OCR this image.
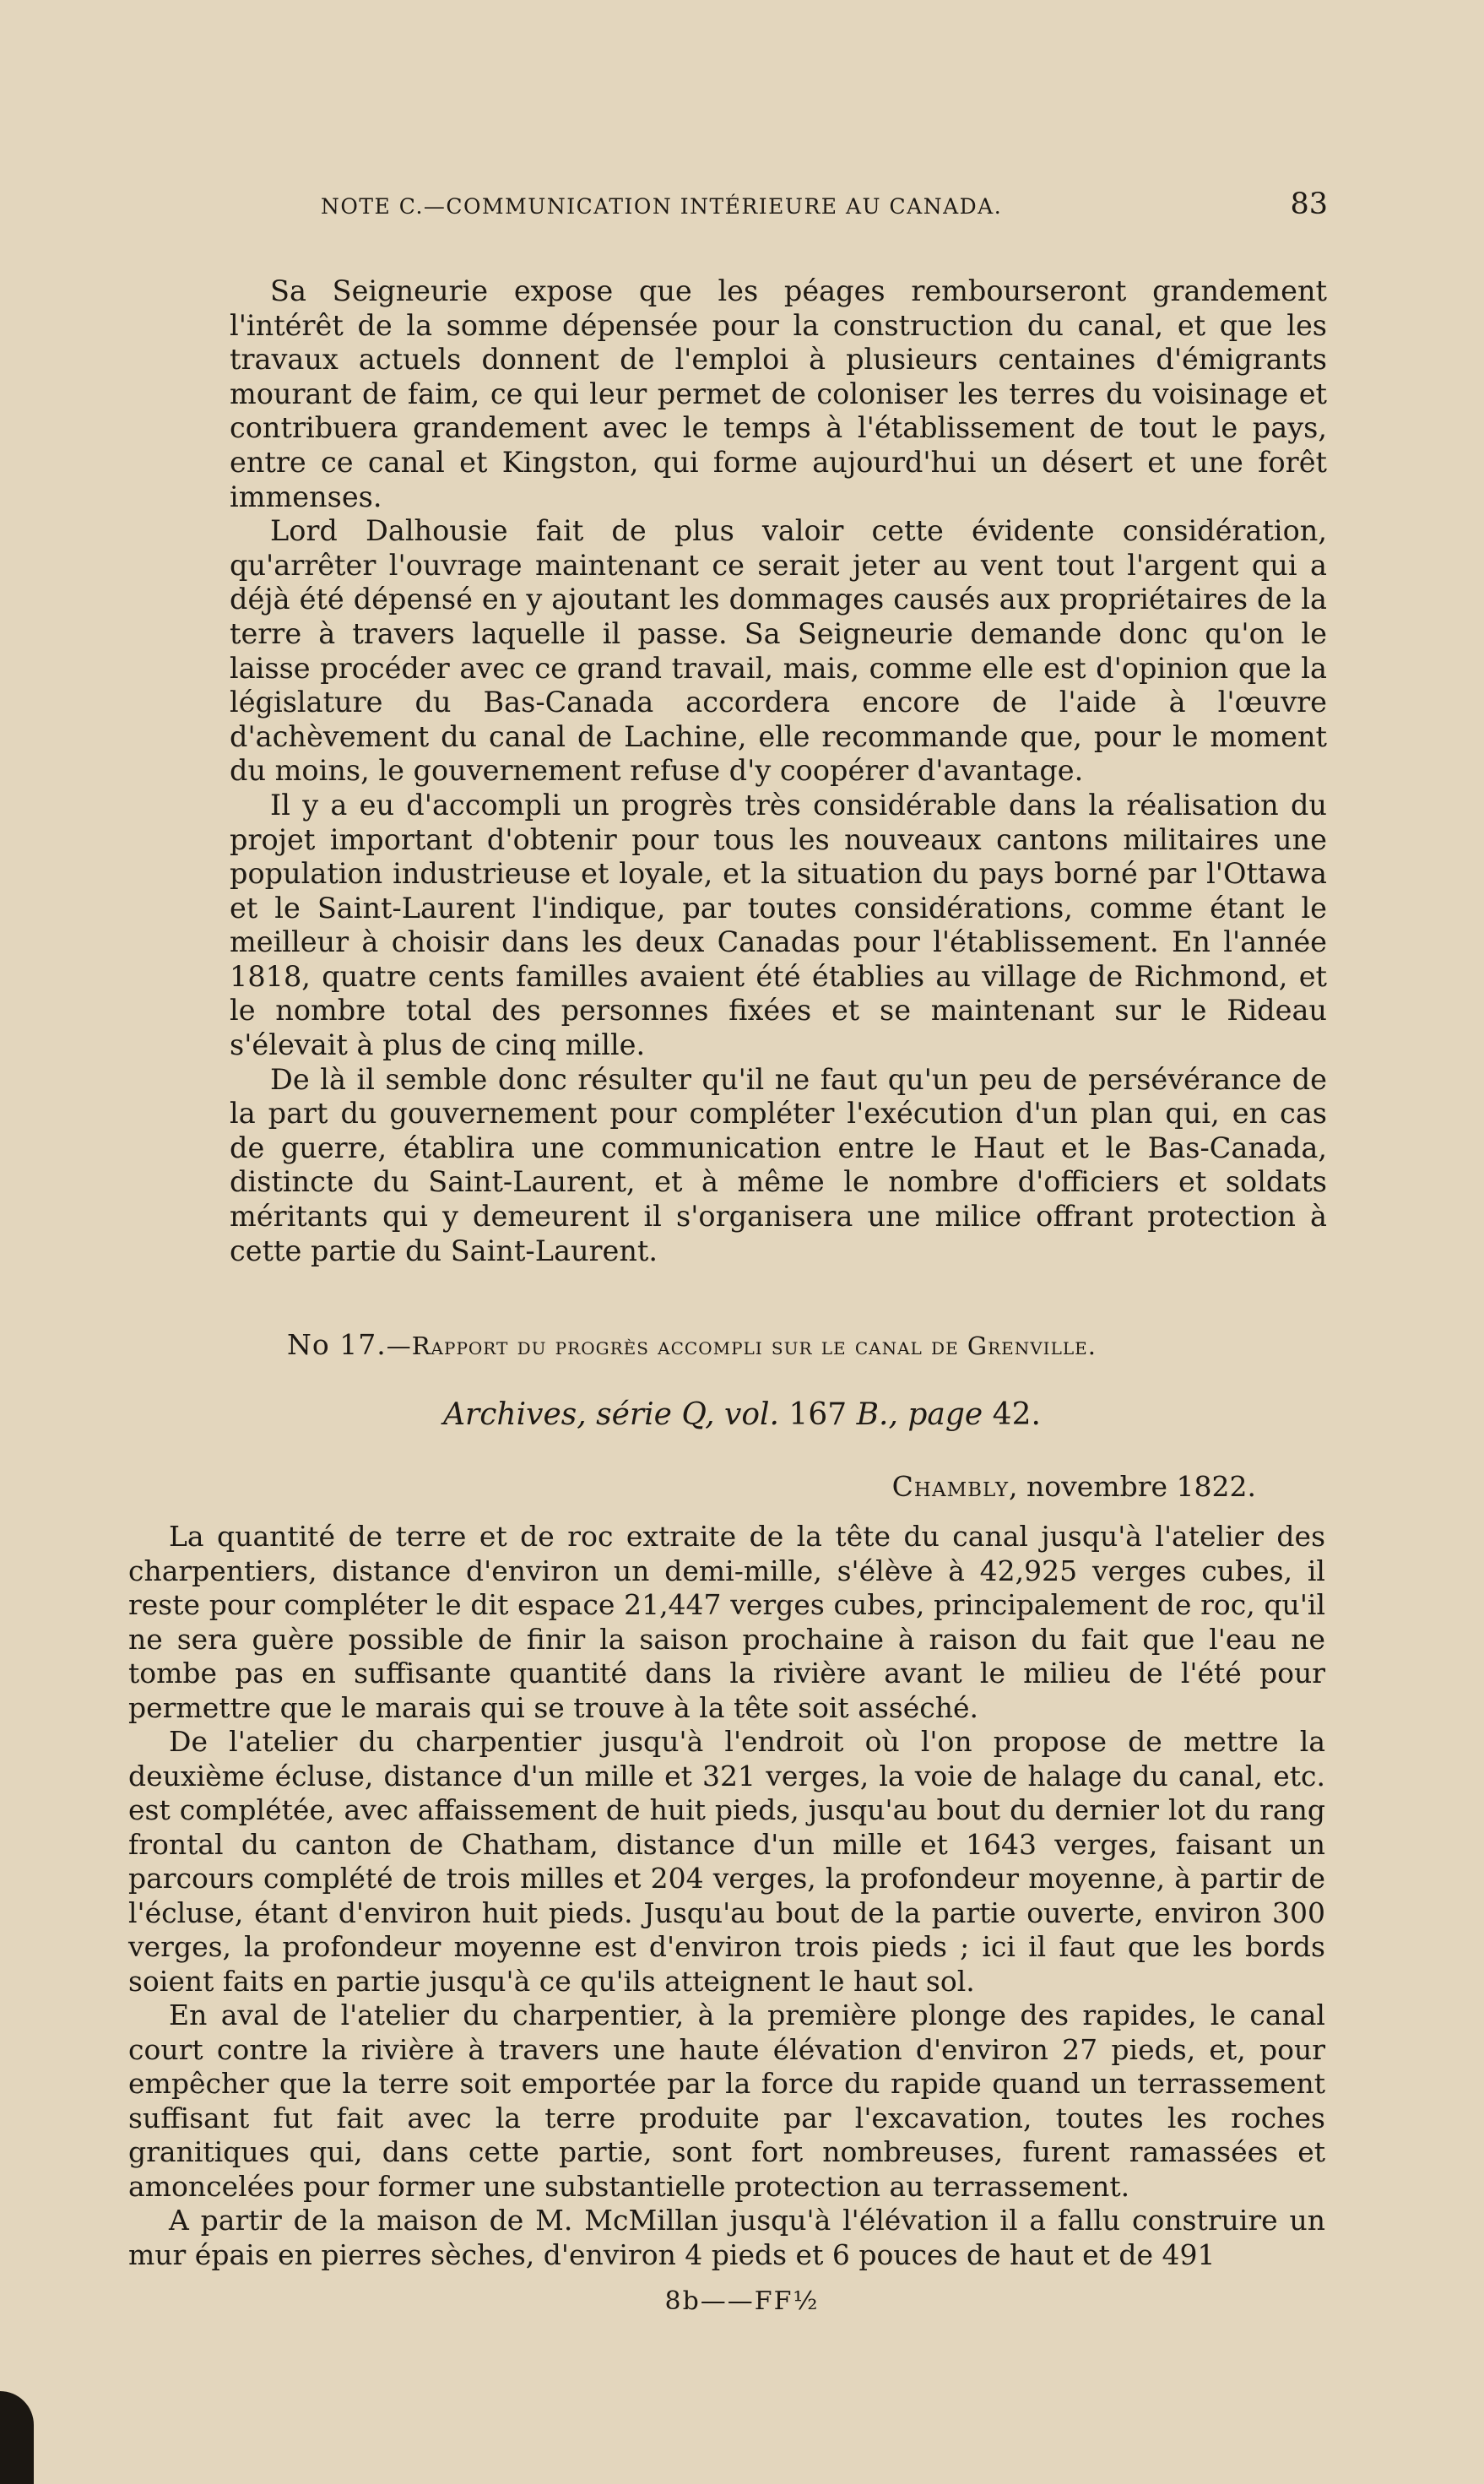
NOTE C.—COMMUNICATION INTÉRIEURE AU CANADA.	83

Sa Seigneurie expose que les péages rembourseront grandement l'intérêt de la somme dépensée pour la construction du canal, et que les travaux actuels donnent de l'emploi à plusieurs centaines d'émigrants mourant de faim, ce qui leur permet de coloniser les terres du voisinage et contribuera grandement avec le temps à l'établissement de tout le pays, entre ce canal et Kingston, qui forme aujourd'hui un désert et une forêt immenses.

Lord Dalhousie fait de plus valoir cette évidente considération, qu'arrêter l'ouvrage maintenant ce serait jeter au vent tout l'argent qui a déjà été dépensé en y ajoutant les dommages causés aux propriétaires de la terre à travers laquelle il passe. Sa Seigneurie demande donc qu'on le laisse procéder avec ce grand travail, mais, comme elle est d'opinion que la législature du Bas-Canada accordera encore de l'aide à l'œuvre d'achèvement du canal de Lachine, elle recommande que, pour le moment du moins, le gouvernement refuse d'y coopérer d'avantage.

Il y a eu d'accompli un progrès très considérable dans la réalisation du projet important d'obtenir pour tous les nouveaux cantons militaires une population industrieuse et loyale, et la situation du pays borné par l'Ottawa et le Saint-Laurent l'indique, par toutes considérations, comme étant le meilleur à choisir dans les deux Canadas pour l'établissement. En l'année 1818, quatre cents familles avaient été établies au village de Richmond, et le nombre total des personnes fixées et se maintenant sur le Rideau s'élevait à plus de cinq mille.

De là il semble donc résulter qu'il ne faut qu'un peu de persévérance de la part du gouvernement pour compléter l'exécution d'un plan qui, en cas de guerre, établira une communication entre le Haut et le Bas-Canada, distincte du Saint-Laurent, et à même le nombre d'officiers et soldats méritants qui y demeurent il s'organisera une milice offrant protection à cette partie du Saint-Laurent.

No 17.—Rapport du progrès accompli sur le canal de Grenville.
Archives, série Q, vol. 167 B., page 42.
Chambly, novembre 1822.

La quantité de terre et de roc extraite de la tête du canal jusqu'à l'atelier des charpentiers, distance d'environ un demi-mille, s'élève à 42,925 verges cubes, il reste pour compléter le dit espace 21,447 verges cubes, principalement de roc, qu'il ne sera guère possible de finir la saison prochaine à raison du fait que l'eau ne tombe pas en suffisante quantité dans la rivière avant le milieu de l'été pour permettre que le marais qui se trouve à la tête soit asséché.

De l'atelier du charpentier jusqu'à l'endroit où l'on propose de mettre la deuxième écluse, distance d'un mille et 321 verges, la voie de halage du canal, etc. est complétée, avec affaissement de huit pieds, jusqu'au bout du dernier lot du rang frontal du canton de Chatham, distance d'un mille et 1643 verges, faisant un parcours complété de trois milles et 204 verges, la profondeur moyenne, à partir de l'écluse, étant d'environ huit pieds. Jusqu'au bout de la partie ouverte, environ 300 verges, la profondeur moyenne est d'environ trois pieds ; ici il faut que les bords soient faits en partie jusqu'à ce qu'ils atteignent le haut sol.

En aval de l'atelier du charpentier, à la première plonge des rapides, le canal court contre la rivière à travers une haute élévation d'environ 27 pieds, et, pour empêcher que la terre soit emportée par la force du rapide quand un terrassement suffisant fut fait avec la terre produite par l'excavation, toutes les roches granitiques qui, dans cette partie, sont fort nombreuses, furent ramassées et amoncelées pour former une substantielle protection au terrassement.

A partir de la maison de M. McMillan jusqu'à l'élévation il a fallu construire un mur épais en pierres sèches, d'environ 4 pieds et 6 pouces de haut et de 491

8b——FF½
